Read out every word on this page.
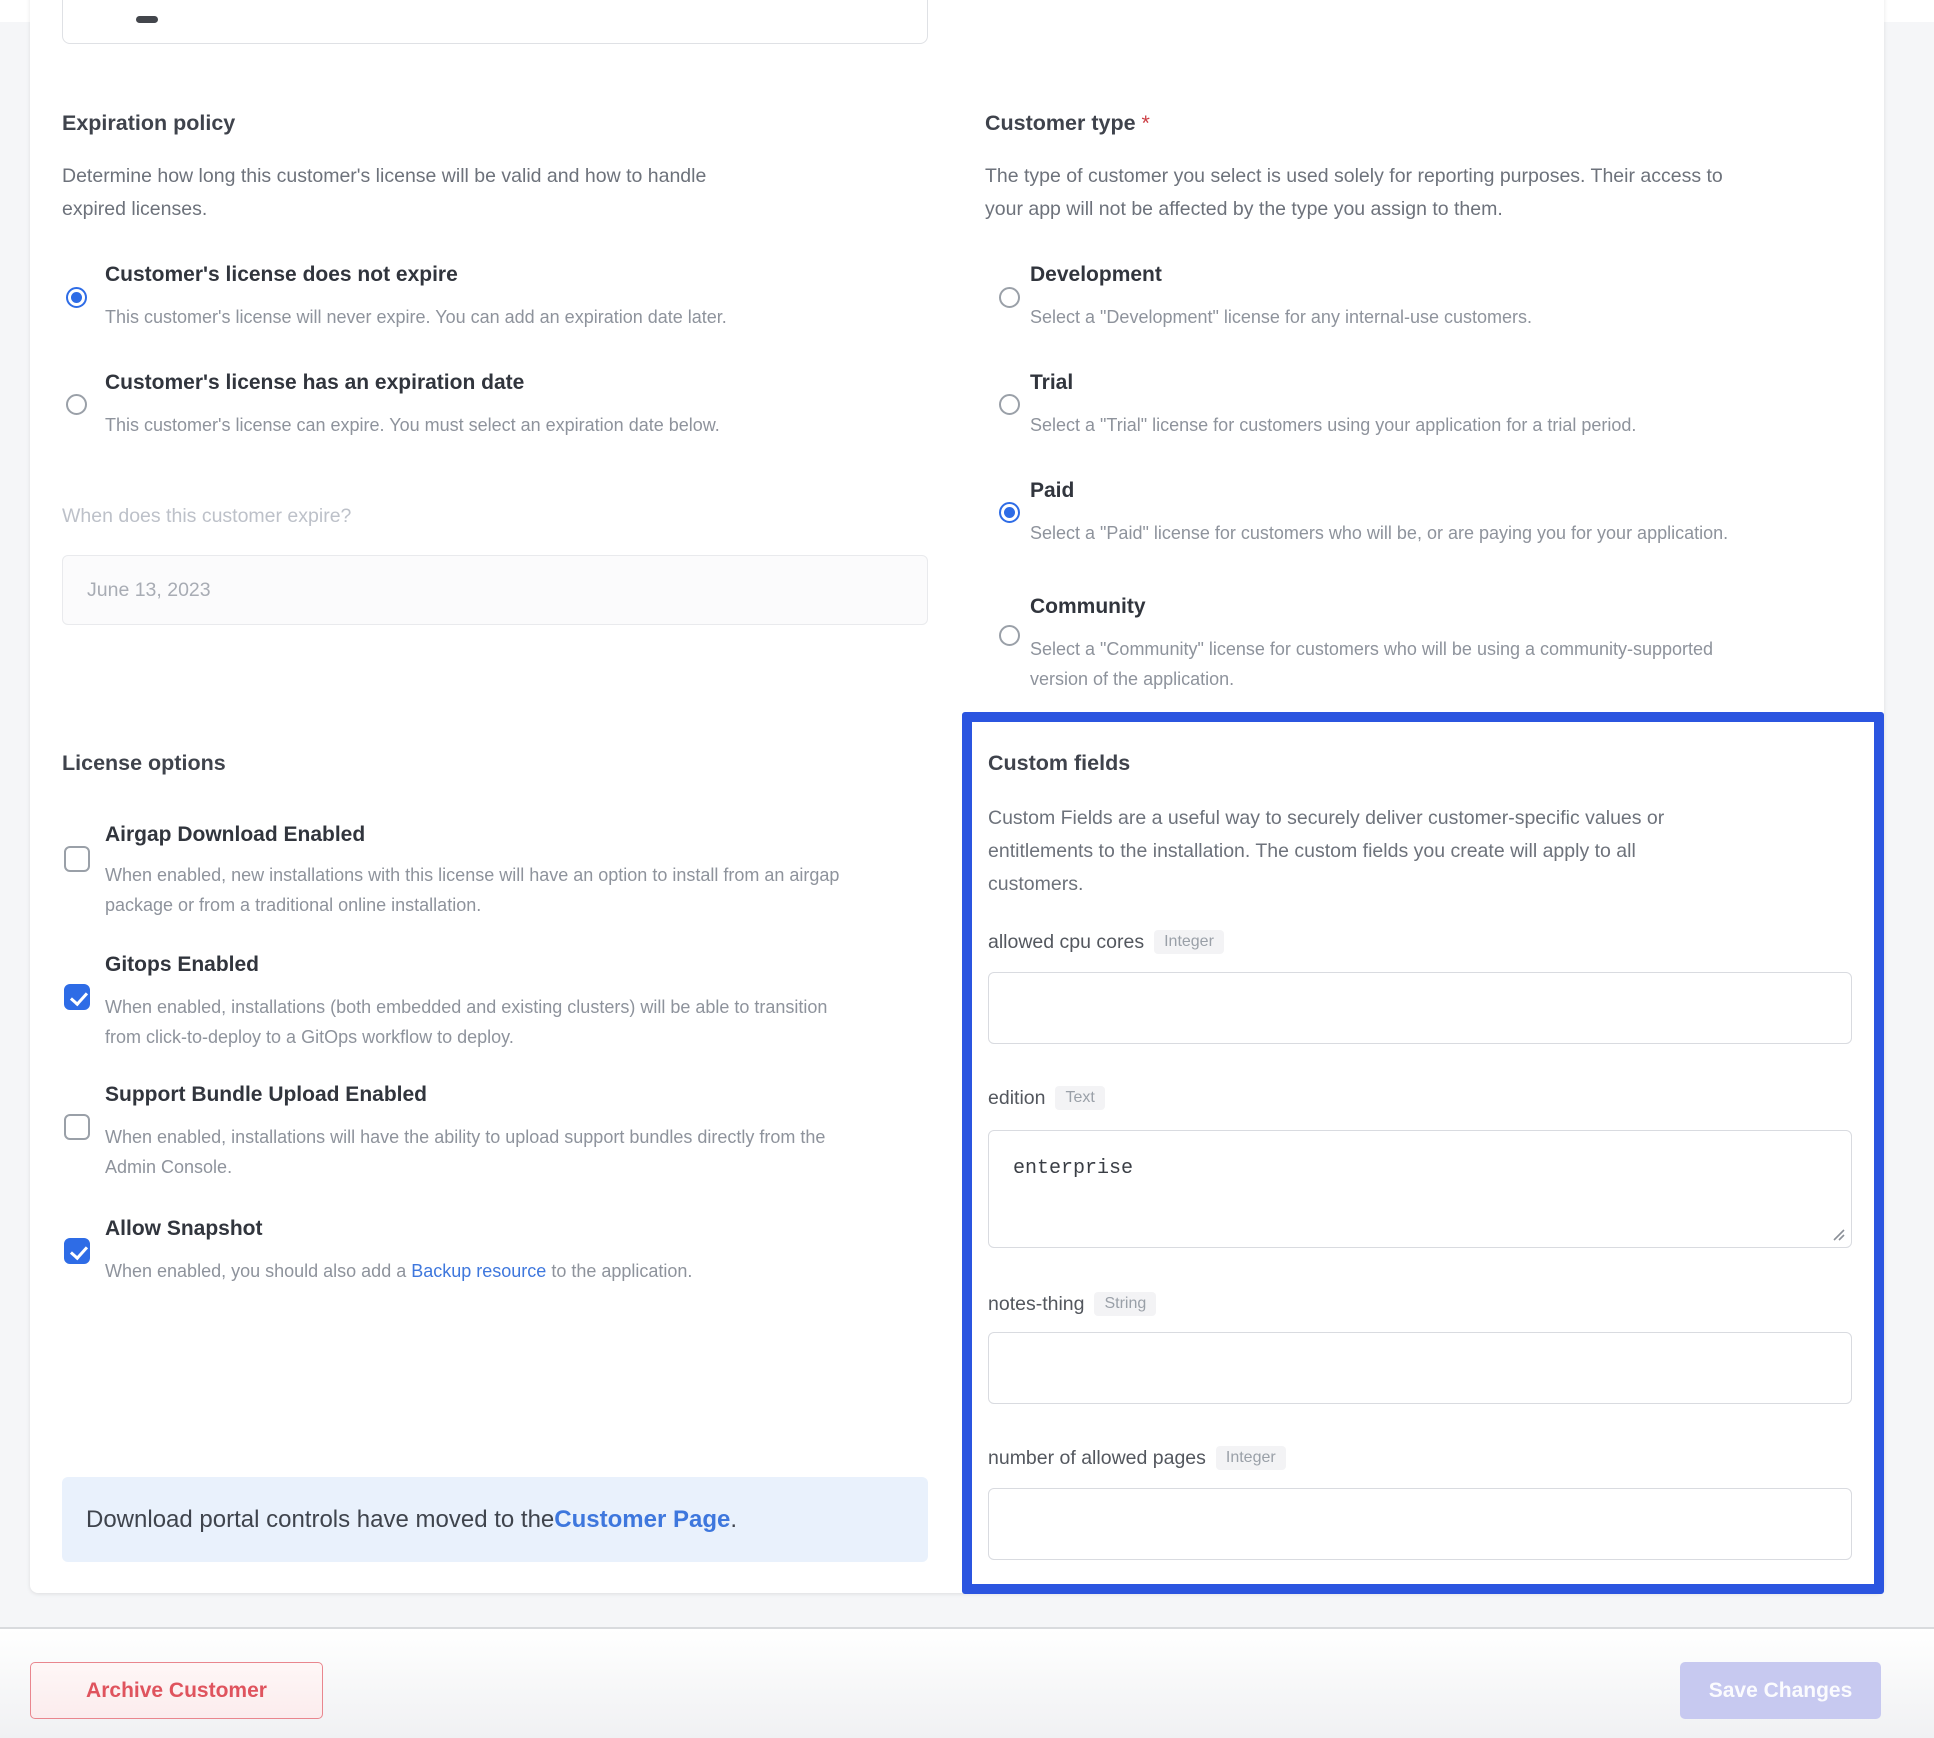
Expiration policy
Determine how long this customer's license will be valid and how to handle expired licenses.
Customer's license does not expire
This customer's license will never expire. You can add an expiration date later.
Customer's license has an expiration date
This customer's license can expire. You must select an expiration date below.
When does this customer expire?
June 13, 2023
License options
Airgap Download Enabled
When enabled, new installations with this license will have an option to install from an airgap package or from a traditional online installation.
Gitops Enabled
When enabled, installations (both embedded and existing clusters) will be able to transition from click-to-deploy to a GitOps workflow to deploy.
Support Bundle Upload Enabled
When enabled, installations will have the ability to upload support bundles directly from the Admin Console.
Allow Snapshot
When enabled, you should also add a Backup resource to the application.
Download portal controls have moved to the Customer Page .
Customer type *
The type of customer you select is used solely for reporting purposes. Their access to your app will not be affected by the type you assign to them.
Development
Select a "Development" license for any internal-use customers.
Trial
Select a "Trial" license for customers using your application for a trial period.
Paid
Select a "Paid" license for customers who will be, or are paying you for your application.
Community
Select a "Community" license for customers who will be using a community-supported version of the application.
Custom fields
Custom Fields are a useful way to securely deliver customer-specific values or entitlements to the installation. The custom fields you create will apply to all customers.
allowed cpu cores Integer
edition Text
enterprise
notes-thing String
number of allowed pages Integer
Archive Customer	Save Changes
